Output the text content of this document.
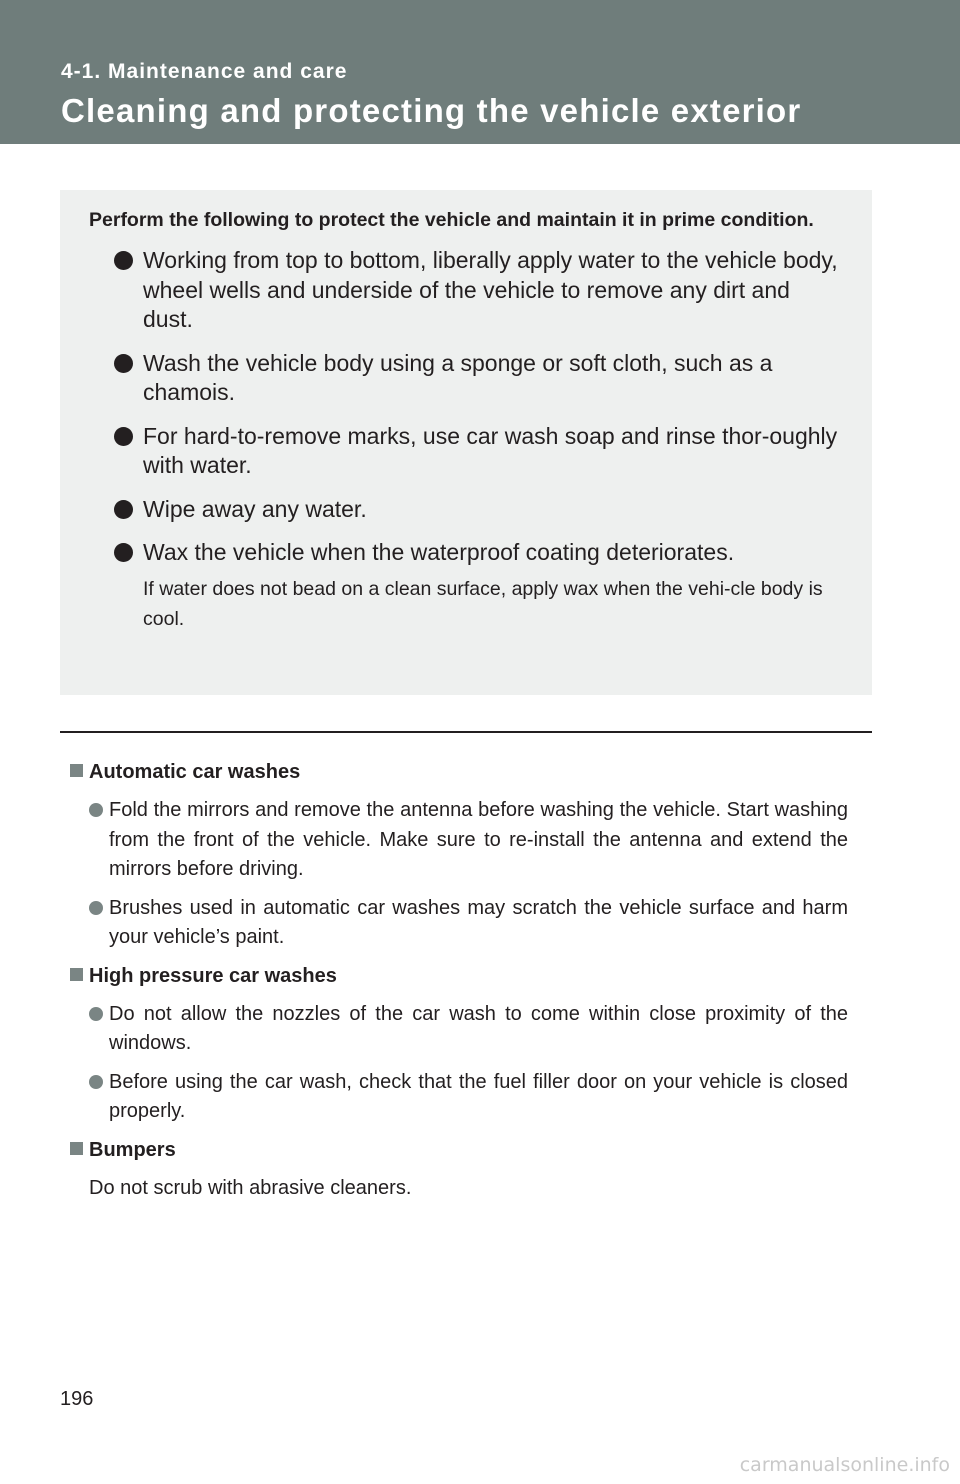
4-1. Maintenance and care
Cleaning and protecting the vehicle exterior

Perform the following to protect the vehicle and maintain it in prime condition.

Working from top to bottom, liberally apply water to the vehicle body, wheel wells and underside of the vehicle to remove any dirt and dust.
Wash the vehicle body using a sponge or soft cloth, such as a chamois.
For hard-to-remove marks, use car wash soap and rinse thor-oughly with water.
Wipe away any water.
Wax the vehicle when the waterproof coating deteriorates.
If water does not bead on a clean surface, apply wax when the vehi-cle body is cool.
Automatic car washes
Fold the mirrors and remove the antenna before washing the vehicle. Start washing from the front of the vehicle. Make sure to re-install the antenna and extend the mirrors before driving.
Brushes used in automatic car washes may scratch the vehicle surface and harm your vehicle’s paint.
High pressure car washes
Do not allow the nozzles of the car wash to come within close proximity of the windows.
Before using the car wash, check that the fuel filler door on your vehicle is closed properly.
Bumpers
Do not scrub with abrasive cleaners.
196
carmanualsonline.info
